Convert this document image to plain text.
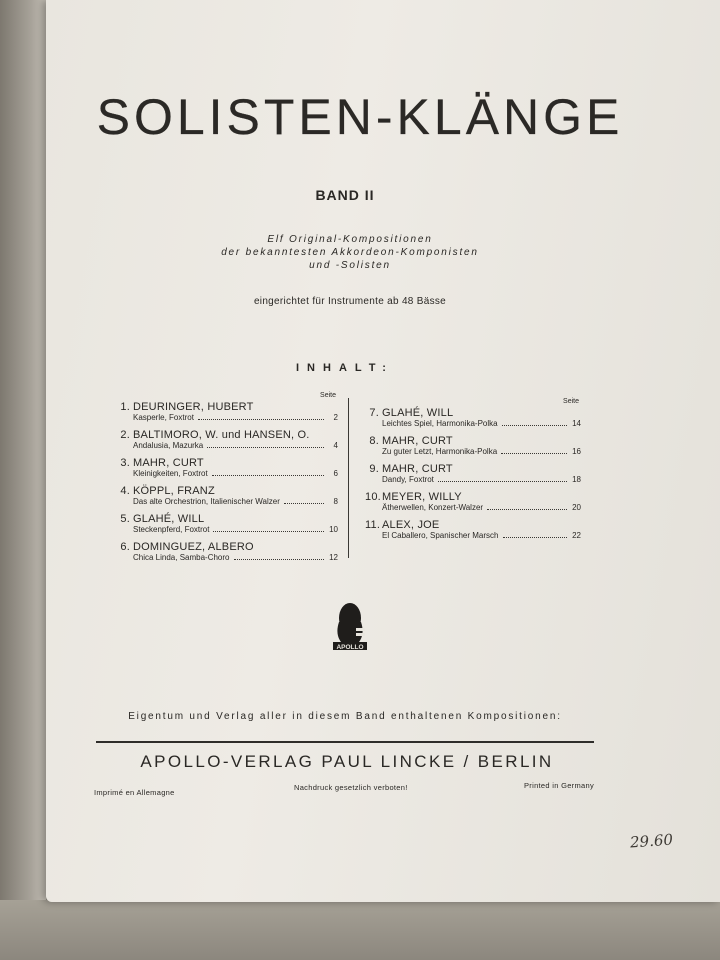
SOLISTEN-KLÄNGE
BAND II
Elf Original-Kompositionen
der bekanntesten Akkordeon-Komponisten
und -Solisten
eingerichtet für Instrumente ab 48 Bässe
INHALT:
Seite
1. DEURINGER, HUBERT
Kasperle, Foxtrot	2
2. BALTIMORO, W. und HANSEN, O.
Andalusia, Mazurka	4
3. MAHR, CURT
Kleinigkeiten, Foxtrot	6
4. KÖPPL, FRANZ
Das alte Orchestrion, Italienischer Walzer	8
5. GLAHÉ, WILL
Steckenpferd, Foxtrot	10
6. DOMINGUEZ, ALBERO
Chica Linda, Samba-Choro	12
Seite
7. GLAHÉ, WILL
Leichtes Spiel, Harmonika-Polka	14
8. MAHR, CURT
Zu guter Letzt, Harmonika-Polka	16
9. MAHR, CURT
Dandy, Foxtrot	18
10.MEYER, WILLY
Ätherwellen, Konzert-Walzer	20
11. ALEX, JOE
El Caballero, Spanischer Marsch	22
APOLLO
Eigentum und Verlag aller in diesem Band enthaltenen Kompositionen:
APOLLO-VERLAG PAUL LINCKE / BERLIN
Imprimé en Allemagne
Nachdruck gesetzlich verboten!	Printed in Germany
29.60
